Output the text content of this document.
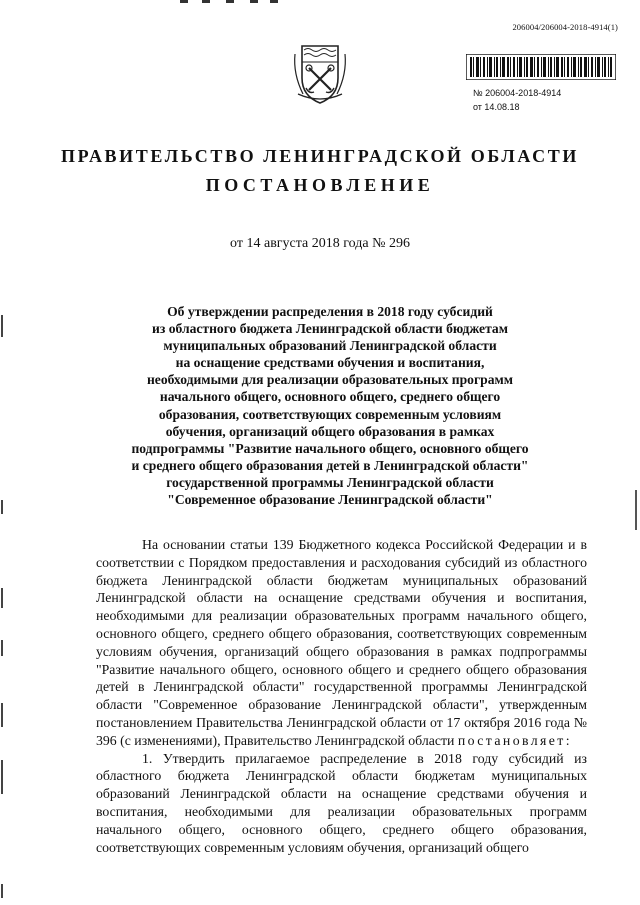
206004/206004-2018-4914(1)
№ 206004-2018-4914
от 14.08.18
ПРАВИТЕЛЬСТВО ЛЕНИНГРАДСКОЙ ОБЛАСТИ
ПОСТАНОВЛЕНИЕ
от 14 августа 2018 года № 296
Об утверждении распределения в 2018 году субсидий
из областного бюджета Ленинградской области бюджетам
муниципальных образований Ленинградской области
на оснащение средствами обучения и воспитания,
необходимыми для реализации образовательных программ
начального общего, основного общего, среднего общего
образования, соответствующих современным условиям
обучения, организаций общего образования в рамках
подпрограммы "Развитие начального общего, основного общего
и среднего общего образования детей в Ленинградской области"
государственной программы Ленинградской области
"Современное образование Ленинградской области"

На основании статьи 139 Бюджетного кодекса Российской Федерации и в соответствии с Порядком предоставления и расходования субсидий из областного бюджета Ленинградской области бюджетам муниципальных образований Ленинградской области на оснащение средствами обучения и воспитания, необходимыми для реализации образовательных программ начального общего, основного общего, среднего общего образования, соответствующих современным условиям обучения, организаций общего образования в рамках подпрограммы "Развитие начального общего, основного общего и среднего общего образования детей в Ленинградской области" государственной программы Ленинградской области "Современное образование Ленинградской области", утвержденным постановлением Правительства Ленинградской области от 17 октября 2016 года № 396 (с изменениями), Правительство Ленинградской области постановляет:

1. Утвердить прилагаемое распределение в 2018 году субсидий из областного бюджета Ленинградской области бюджетам муниципальных образований Ленинградской области на оснащение средствами обучения и воспитания, необходимыми для реализации образовательных программ начального общего, основного общего, среднего общего образования, соответствующих современным условиям обучения, организаций общего
